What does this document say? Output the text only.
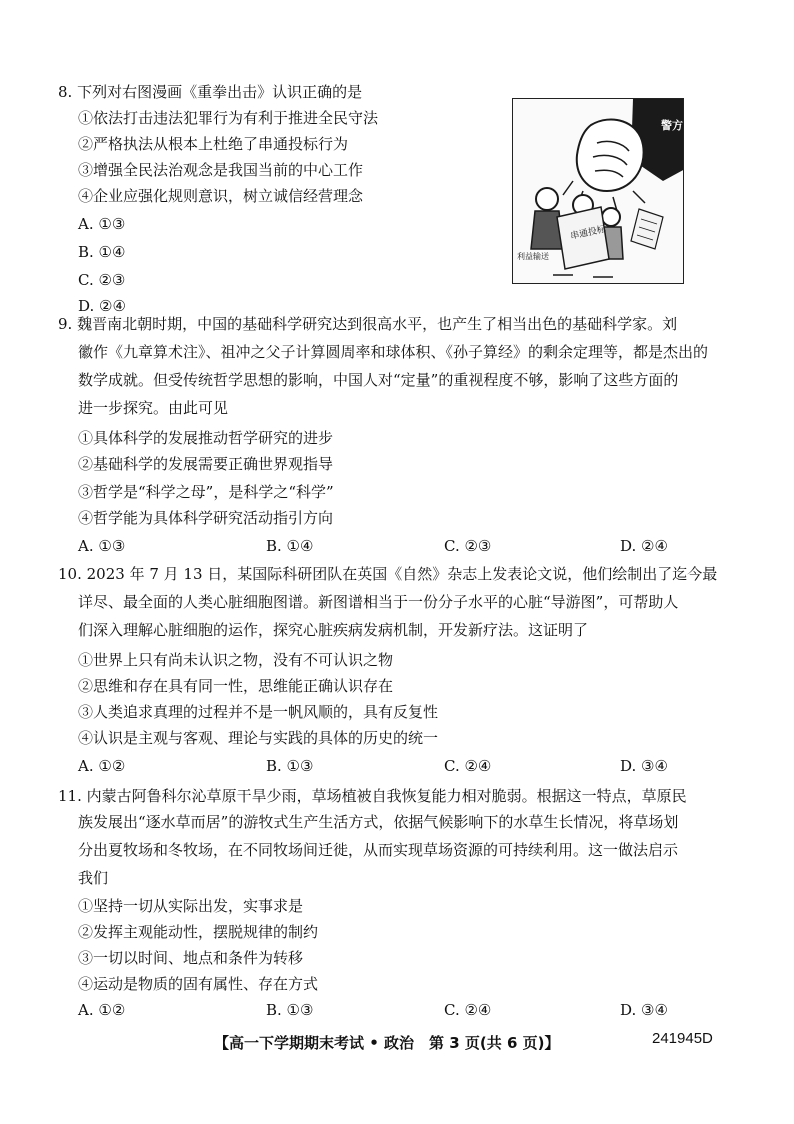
8. 下列对右图漫画《重拳出击》认识正确的是
①依法打击违法犯罪行为有利于推进全民守法
②严格执法从根本上杜绝了串通投标行为
③增强全民法治观念是我国当前的中心工作
④企业应强化规则意识，树立诚信经营理念
A. ①③
B. ①④
C. ②③
D. ②④
警方
串通投标
利益输送
9. 魏晋南北朝时期，中国的基础科学研究达到很高水平，也产生了相当出色的基础科学家。刘
徽作《九章算术注》、祖冲之父子计算圆周率和球体积、《孙子算经》的剩余定理等，都是杰出的
数学成就。但受传统哲学思想的影响，中国人对“定量”的重视程度不够，影响了这些方面的
进一步探究。由此可见
①具体科学的发展推动哲学研究的进步
②基础科学的发展需要正确世界观指导
③哲学是“科学之母”，是科学之“科学”
④哲学能为具体科学研究活动指引方向
A. ①③	B. ①④	C. ②③	D. ②④
10. 2023 年 7 月 13 日，某国际科研团队在英国《自然》杂志上发表论文说，他们绘制出了迄今最
详尽、最全面的人类心脏细胞图谱。新图谱相当于一份分子水平的心脏“导游图”，可帮助人
们深入理解心脏细胞的运作，探究心脏疾病发病机制，开发新疗法。这证明了
①世界上只有尚未认识之物，没有不可认识之物
②思维和存在具有同一性，思维能正确认识存在
③人类追求真理的过程并不是一帆风顺的，具有反复性
④认识是主观与客观、理论与实践的具体的历史的统一
A. ①②	B. ①③	C. ②④	D. ③④
11. 内蒙古阿鲁科尔沁草原干旱少雨，草场植被自我恢复能力相对脆弱。根据这一特点，草原民
族发展出“逐水草而居”的游牧式生产生活方式，依据气候影响下的水草生长情况，将草场划
分出夏牧场和冬牧场，在不同牧场间迁徙，从而实现草场资源的可持续利用。这一做法启示
我们
①坚持一切从实际出发，实事求是
②发挥主观能动性，摆脱规律的制约
③一切以时间、地点和条件为转移
④运动是物质的固有属性、存在方式
A. ①②	B. ①③	C. ②④	D. ③④
【高一下学期期末考试 • 政治　第 3 页(共 6 页)】	241945D
